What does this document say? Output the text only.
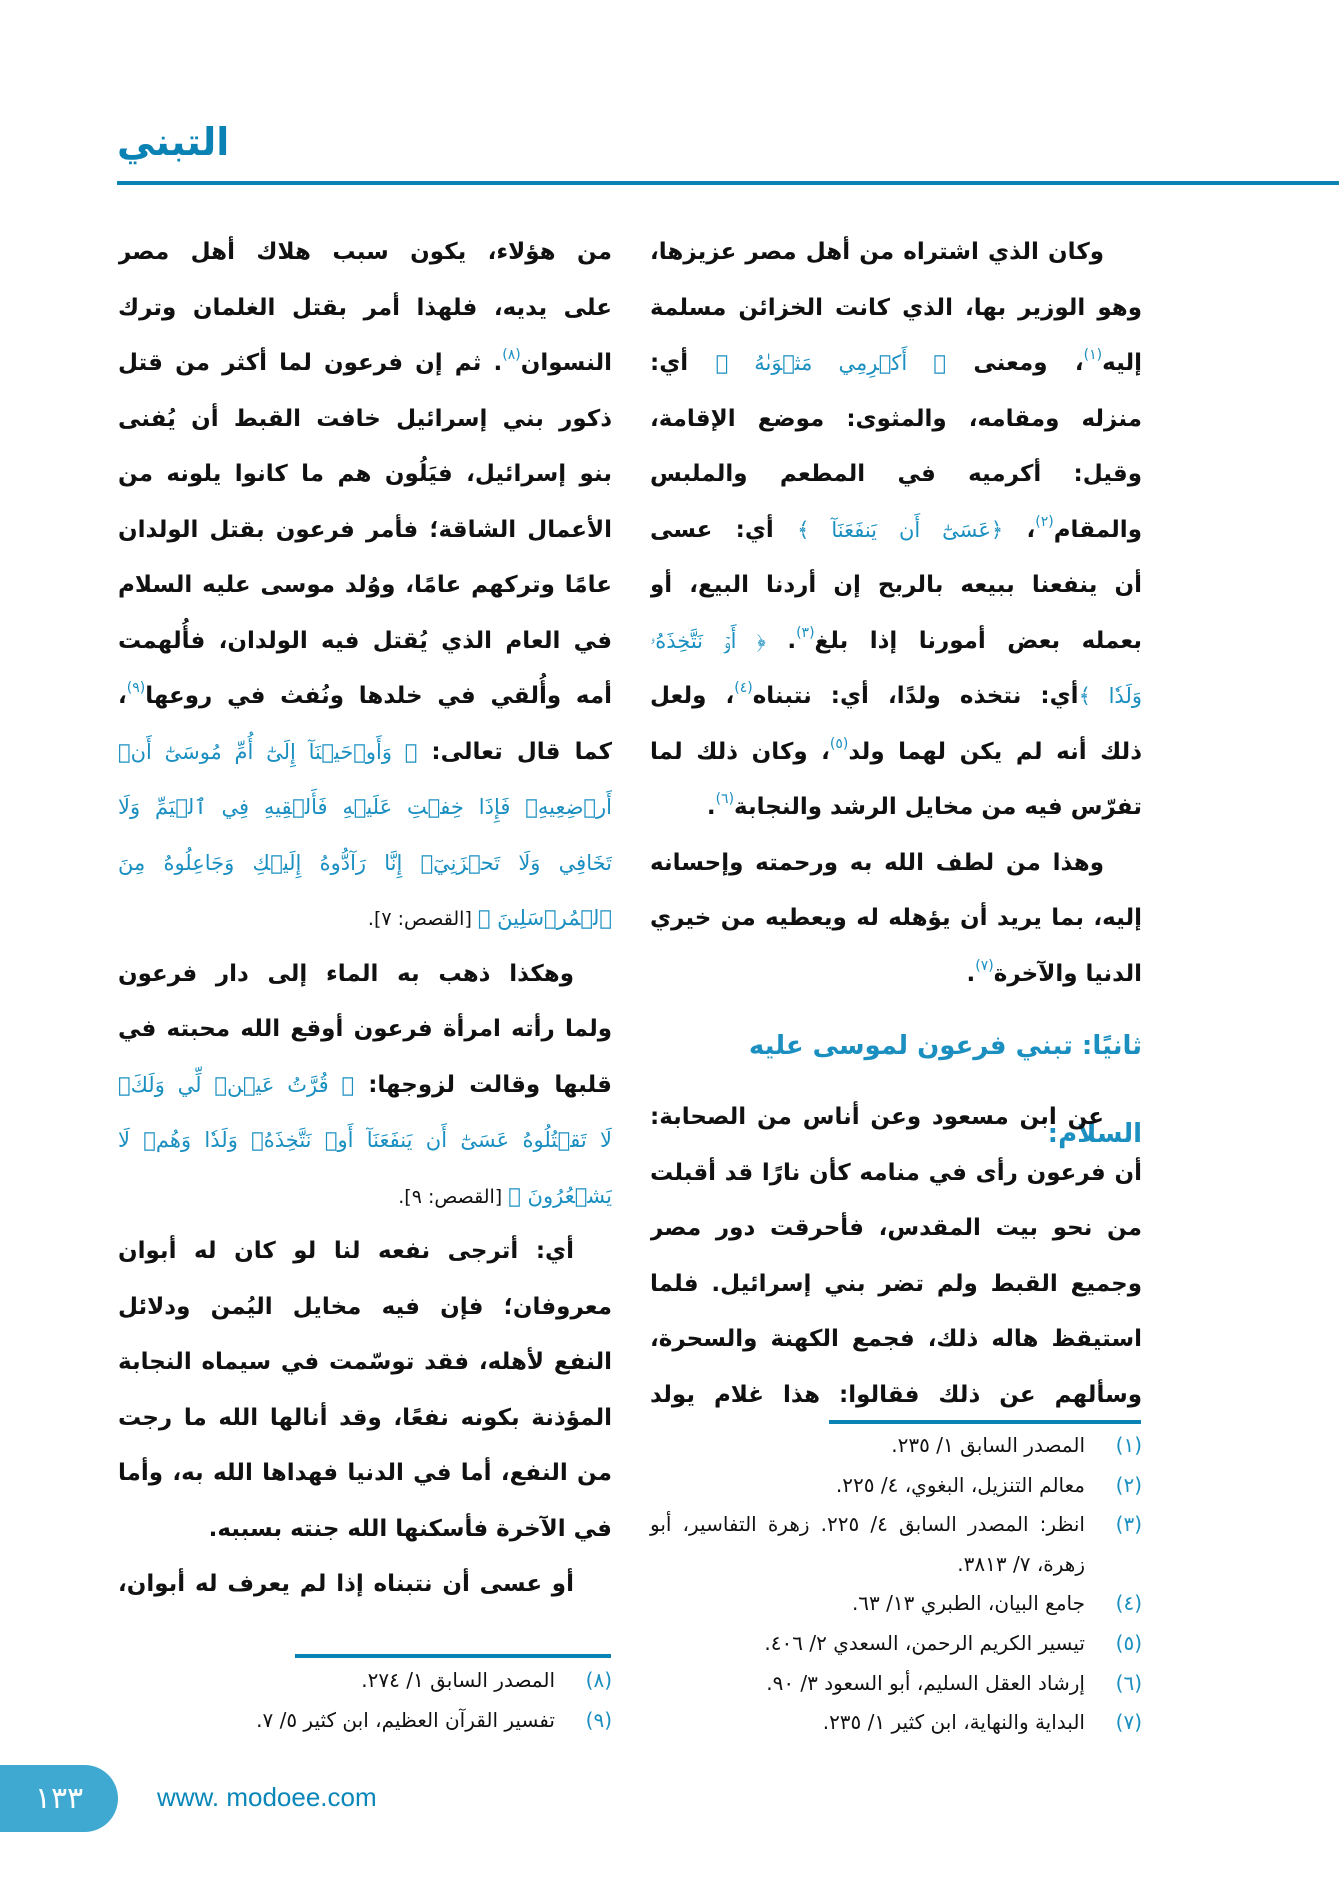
التبني
وكان الذي اشتراه من أهل مصر عزيزها،
وهو الوزير بها، الذي كانت الخزائن مسلمة
إليه$^{(١)}$، ومعنى ﴿ أَكۡرِمِي مَثۡوَىٰهُ ﴾ أي:
منزله ومقامه، والمثوى: موضع الإقامة،
وقيل: أكرميه في المطعم والملبس
والمقام$^{(٢)}$، ﴿عَسَىٰٓ أَن يَنفَعَنَآ ﴾ أي: عسى
أن ينفعنا ببيعه بالربح إن أردنا البيع، أو
بعمله بعض أمورنا إذا بلغ$^{(٣)}$. ﴿ أَوۡ نَتَّخِذَهُۥ
وَلَدٗا ﴾أي: نتخذه ولدًا، أي: نتبناه$^{(٤)}$، ولعل
ذلك أنه لم يكن لهما ولد$^{(٥)}$، وكان ذلك لما
تفرّس فيه من مخايل الرشد والنجابة$^{(٦)}$.
وهذا من لطف الله به ورحمته وإحسانه
إليه، بما يريد أن يؤهله له ويعطيه من خيري
الدنيا والآخرة$^{(٧)}$.
ثانيًا: تبني فرعون لموسى عليه السلام:
عن ابن مسعود وعن أناس من الصحابة:
أن فرعون رأى في منامه كأن نارًا قد أقبلت
من نحو بيت المقدس، فأحرقت دور مصر
وجميع القبط ولم تضر بني إسرائيل. فلما
استيقظ هاله ذلك، فجمع الكهنة والسحرة،
وسألهم عن ذلك فقالوا: هذا غلام يولد
(١)
المصدر السابق ١/ ٢٣٥.
(٢)
معالم التنزيل، البغوي، ٤/ ٢٢٥.
(٣)
انظر: المصدر السابق ٤/ ٢٢٥. زهرة التفاسير، أبو زهرة، ٧/ ٣٨١٣.
(٤)
جامع البيان، الطبري ١٣/ ٦٣.
(٥)
تيسير الكريم الرحمن، السعدي ٢/ ٤٠٦.
(٦)
إرشاد العقل السليم، أبو السعود ٣/ ٩٠.
(٧)
البداية والنهاية، ابن كثير ١/ ٢٣٥.
من هؤلاء، يكون سبب هلاك أهل مصر
على يديه، فلهذا أمر بقتل الغلمان وترك
النسوان$^{(٨)}$. ثم إن فرعون لما أكثر من قتل
ذكور بني إسرائيل خافت القبط أن يُفنى
بنو إسرائيل، فيَلُون هم ما كانوا يلونه من
الأعمال الشاقة؛ فأمر فرعون بقتل الولدان
عامًا وتركهم عامًا، ووُلد موسى عليه السلام
في العام الذي يُقتل فيه الولدان، فأُلهمت
أمه وأُلقي في خلدها ونُفث في روعها$^{(٩)}$،
كما قال تعالى: ﴿ وَأَوۡحَيۡنَآ إِلَىٰٓ أُمِّ مُوسَىٰٓ أَنۡ
أَرۡضِعِيهِۖ فَإِذَا خِفۡتِ عَلَيۡهِ فَأَلۡقِيهِ فِي ٱلۡيَمِّ وَلَا
تَخَافِي وَلَا تَحۡزَنِيٓۖ إِنَّا رَآدُّوهُ إِلَيۡكِ وَجَاعِلُوهُ مِنَ
ٱلۡمُرۡسَلِينَ ﴾ [القصص: ٧].
وهكذا ذهب به الماء إلى دار فرعون
ولما رأته امرأة فرعون أوقع الله محبته في
قلبها وقالت لزوجها: ﴿ قُرَّتُ عَيۡنٖ لِّي وَلَكَۖ
لَا تَقۡتُلُوهُ عَسَىٰٓ أَن يَنفَعَنَآ أَوۡ نَتَّخِذَهُۥ وَلَدٗا وَهُمۡ لَا
يَشۡعُرُونَ ﴾ [القصص: ٩].
أي: أترجى نفعه لنا لو كان له أبوان
معروفان؛ فإن فيه مخايل اليُمن ودلائل
النفع لأهله، فقد توسّمت في سيماه النجابة
المؤذنة بكونه نفعًا، وقد أنالها الله ما رجت
من النفع، أما في الدنيا فهداها الله به، وأما
في الآخرة فأسكنها الله جنته بسببه.
أو عسى أن نتبناه إذا لم يعرف له أبوان،
(٨)
المصدر السابق ١/ ٢٧٤.
(٩)
تفسير القرآن العظيم، ابن كثير ٥/ ٧.
١٣٣	www. modoee.com
